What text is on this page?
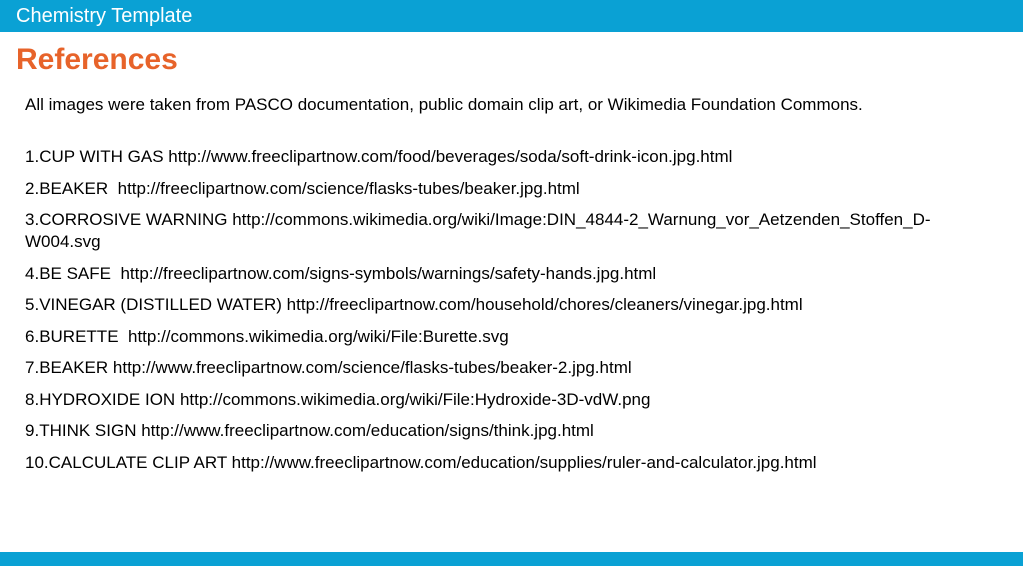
Chemistry Template
References
All images were taken from PASCO documentation, public domain clip art, or Wikimedia Foundation Commons.
1.CUP WITH GAS http://www.freeclipartnow.com/food/beverages/soda/soft-drink-icon.jpg.html
2.BEAKER http://freeclipartnow.com/science/flasks-tubes/beaker.jpg.html
3.CORROSIVE WARNING http://commons.wikimedia.org/wiki/Image:DIN_4844-2_Warnung_vor_Aetzenden_Stoffen_D-W004.svg
4.BE SAFE http://freeclipartnow.com/signs-symbols/warnings/safety-hands.jpg.html
5.VINEGAR (DISTILLED WATER) http://freeclipartnow.com/household/chores/cleaners/vinegar.jpg.html
6.BURETTE http://commons.wikimedia.org/wiki/File:Burette.svg
7.BEAKER http://www.freeclipartnow.com/science/flasks-tubes/beaker-2.jpg.html
8.HYDROXIDE ION http://commons.wikimedia.org/wiki/File:Hydroxide-3D-vdW.png
9.THINK SIGN http://www.freeclipartnow.com/education/signs/think.jpg.html
10.CALCULATE CLIP ART http://www.freeclipartnow.com/education/supplies/ruler-and-calculator.jpg.html
